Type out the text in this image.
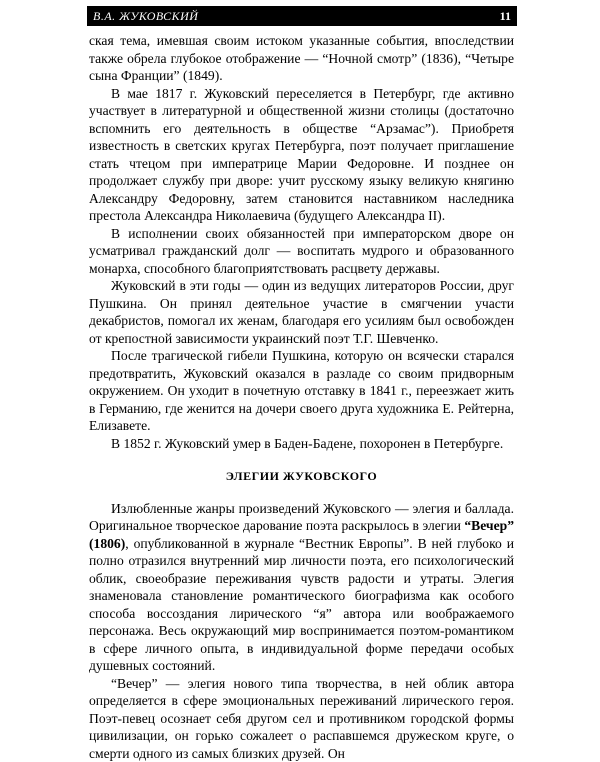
В.А. ЖУКОВСКИЙ	11

ская тема, имевшая своим истоком указанные события, впоследствии также обрела глубокое отображение — “Ночной смотр” (1836), “Четыре сына Франции” (1849).

В мае 1817 г. Жуковский переселяется в Петербург, где активно участвует в литературной и общественной жизни столицы (достаточно вспомнить его деятельность в обществе “Арзамас”). Приобретя известность в светских кругах Петербурга, поэт получает приглашение стать чтецом при императрице Марии Федоровне. И позднее он продолжает службу при дворе: учит русскому языку великую княгиню Александру Федоровну, затем становится наставником наследника престола Александра Николаевича (будущего Александра II).

В исполнении своих обязанностей при императорском дворе он усматривал гражданский долг — воспитать мудрого и образованного монарха, способного благоприятствовать расцвету державы.

Жуковский в эти годы — один из ведущих литераторов России, друг Пушкина. Он принял деятельное участие в смягчении участи декабристов, помогал их женам, благодаря его усилиям был освобожден от крепостной зависимости украинский поэт Т.Г. Шевченко.

После трагической гибели Пушкина, которую он всячески старался предотвратить, Жуковский оказался в разладе со своим придворным окружением. Он уходит в почетную отставку в 1841 г., переезжает жить в Германию, где женится на дочери своего друга художника Е. Рейтерна, Елизавете.

В 1852 г. Жуковский умер в Баден-Бадене, похоронен в Петербурге.

ЭЛЕГИИ ЖУКОВСКОГО

Излюбленные жанры произведений Жуковского — элегия и баллада. Оригинальное творческое дарование поэта раскрылось в элегии “Вечер” (1806), опубликованной в журнале “Вестник Европы”. В ней глубоко и полно отразился внутренний мир личности поэта, его психологический облик, своеобразие переживания чувств радости и утраты. Элегия знаменовала становление романтического биографизма как особого способа воссоздания лирического “я” автора или воображаемого персонажа. Весь окружающий мир воспринимается поэтом-романтиком в сфере личного опыта, в индивидуальной форме передачи особых душевных состояний.

“Вечер” — элегия нового типа творчества, в ней облик автора определяется в сфере эмоциональных переживаний лирического героя. Поэт-певец осознает себя другом сел и противником городской формы цивилизации, он горько сожалеет о распавшемся дружеском круге, о смерти одного из самых близких друзей. Он
